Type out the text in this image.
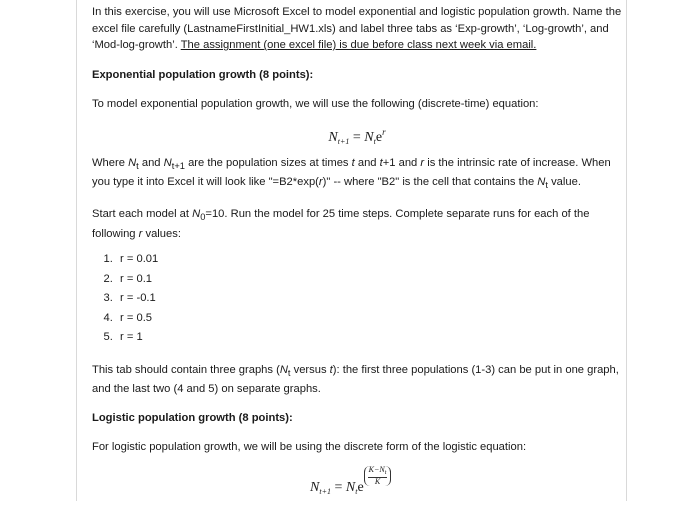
In this exercise, you will use Microsoft Excel to model exponential and logistic population growth. Name the excel file carefully (LastnameFirstInitial_HW1.xls) and label three tabs as ‘Exp-growth’, ‘Log-growth’, and ‘Mod-log-growth’. The assignment (one excel file) is due before class next week via email.

Exponential population growth (8 points):

To model exponential population growth, we will use the following (discrete-time) equation:

$N_{t+1} = N_te^r$

Where $N_t$ and $N_{t+1}$ are the population sizes at times t and t+1 and r is the intrinsic rate of increase. When you type it into Excel it will look like "=B2*exp(r)" -- where "B2" is the cell that contains the $N_t$ value.

Start each model at $N_0=10$. Run the model for 25 time steps. Complete separate runs for each of the following r values:

1. r = 0.01
2. r = 0.1
3. r = -0.1
4. r = 0.5
5. r = 1

This tab should contain three graphs ($N_t$ versus t): the first three populations (1-3) can be put in one graph, and the last two (4 and 5) on separate graphs.

Logistic population growth (8 points):

For logistic population growth, we will be using the discrete form of the logistic equation:

$N_{t+1} = N_te$
$\frac{K-N_t}{K}$
